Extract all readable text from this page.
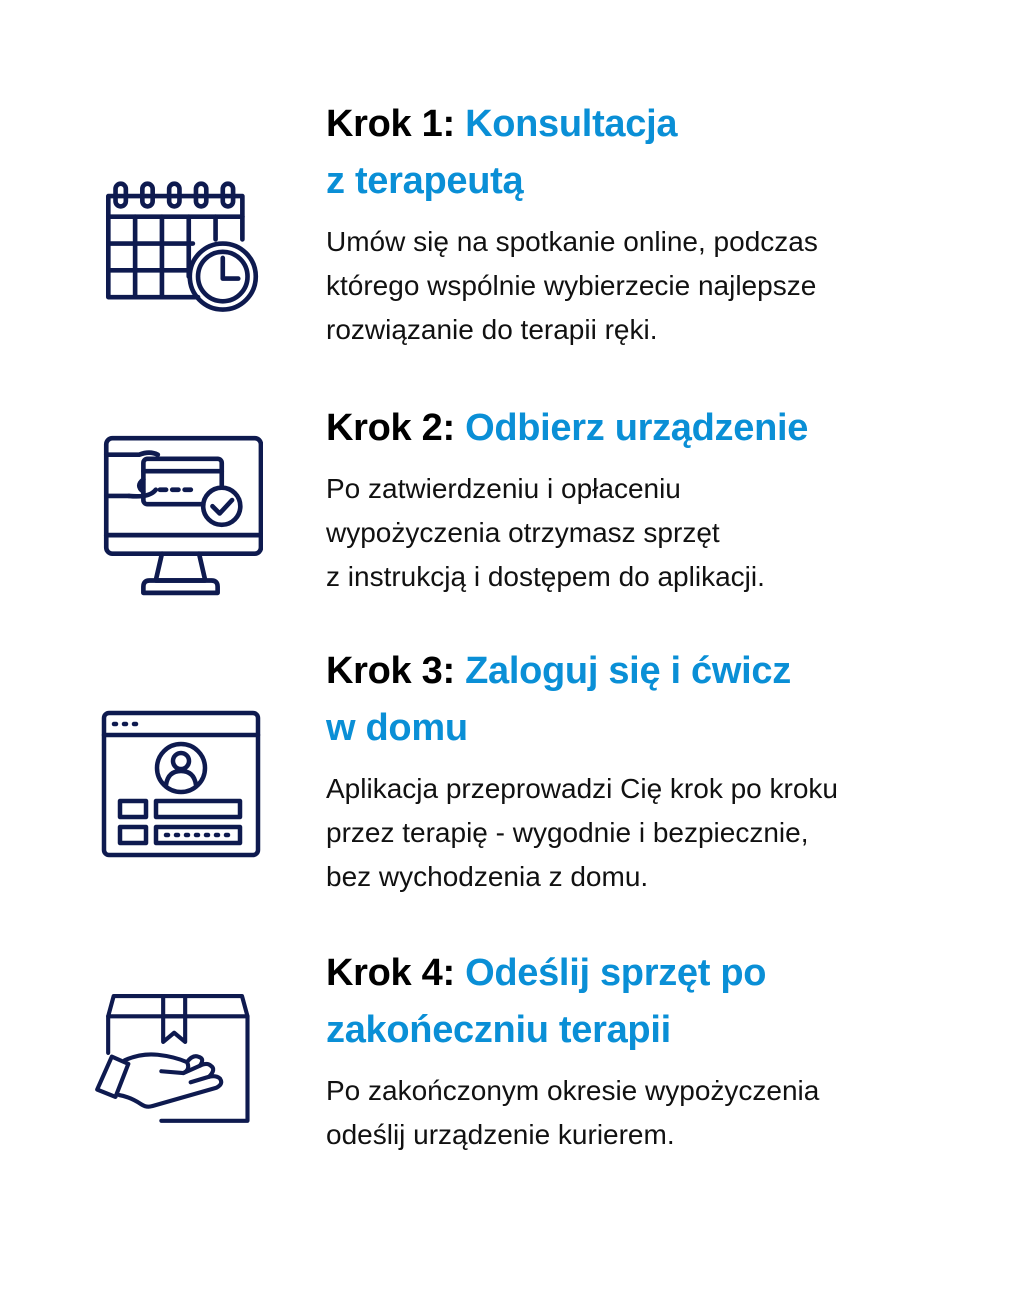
Krok 1: Konsultacja
z terapeutą

Umów się na spotkanie online, podczas
którego wspólnie wybierzecie najlepsze
rozwiązanie do terapii ręki.

Krok 2: Odbierz urządzenie

Po zatwierdzeniu i opłaceniu
wypożyczenia otrzymasz sprzęt
z instrukcją i dostępem do aplikacji.

Krok 3: Zaloguj się i ćwicz
w domu

Aplikacja przeprowadzi Cię krok po kroku
przez terapię - wygodnie i bezpiecznie,
bez wychodzenia z domu.

Krok 4: Odeślij sprzęt po
zakońeczniu terapii

Po zakończonym okresie wypożyczenia
odeślij urządzenie kurierem.
